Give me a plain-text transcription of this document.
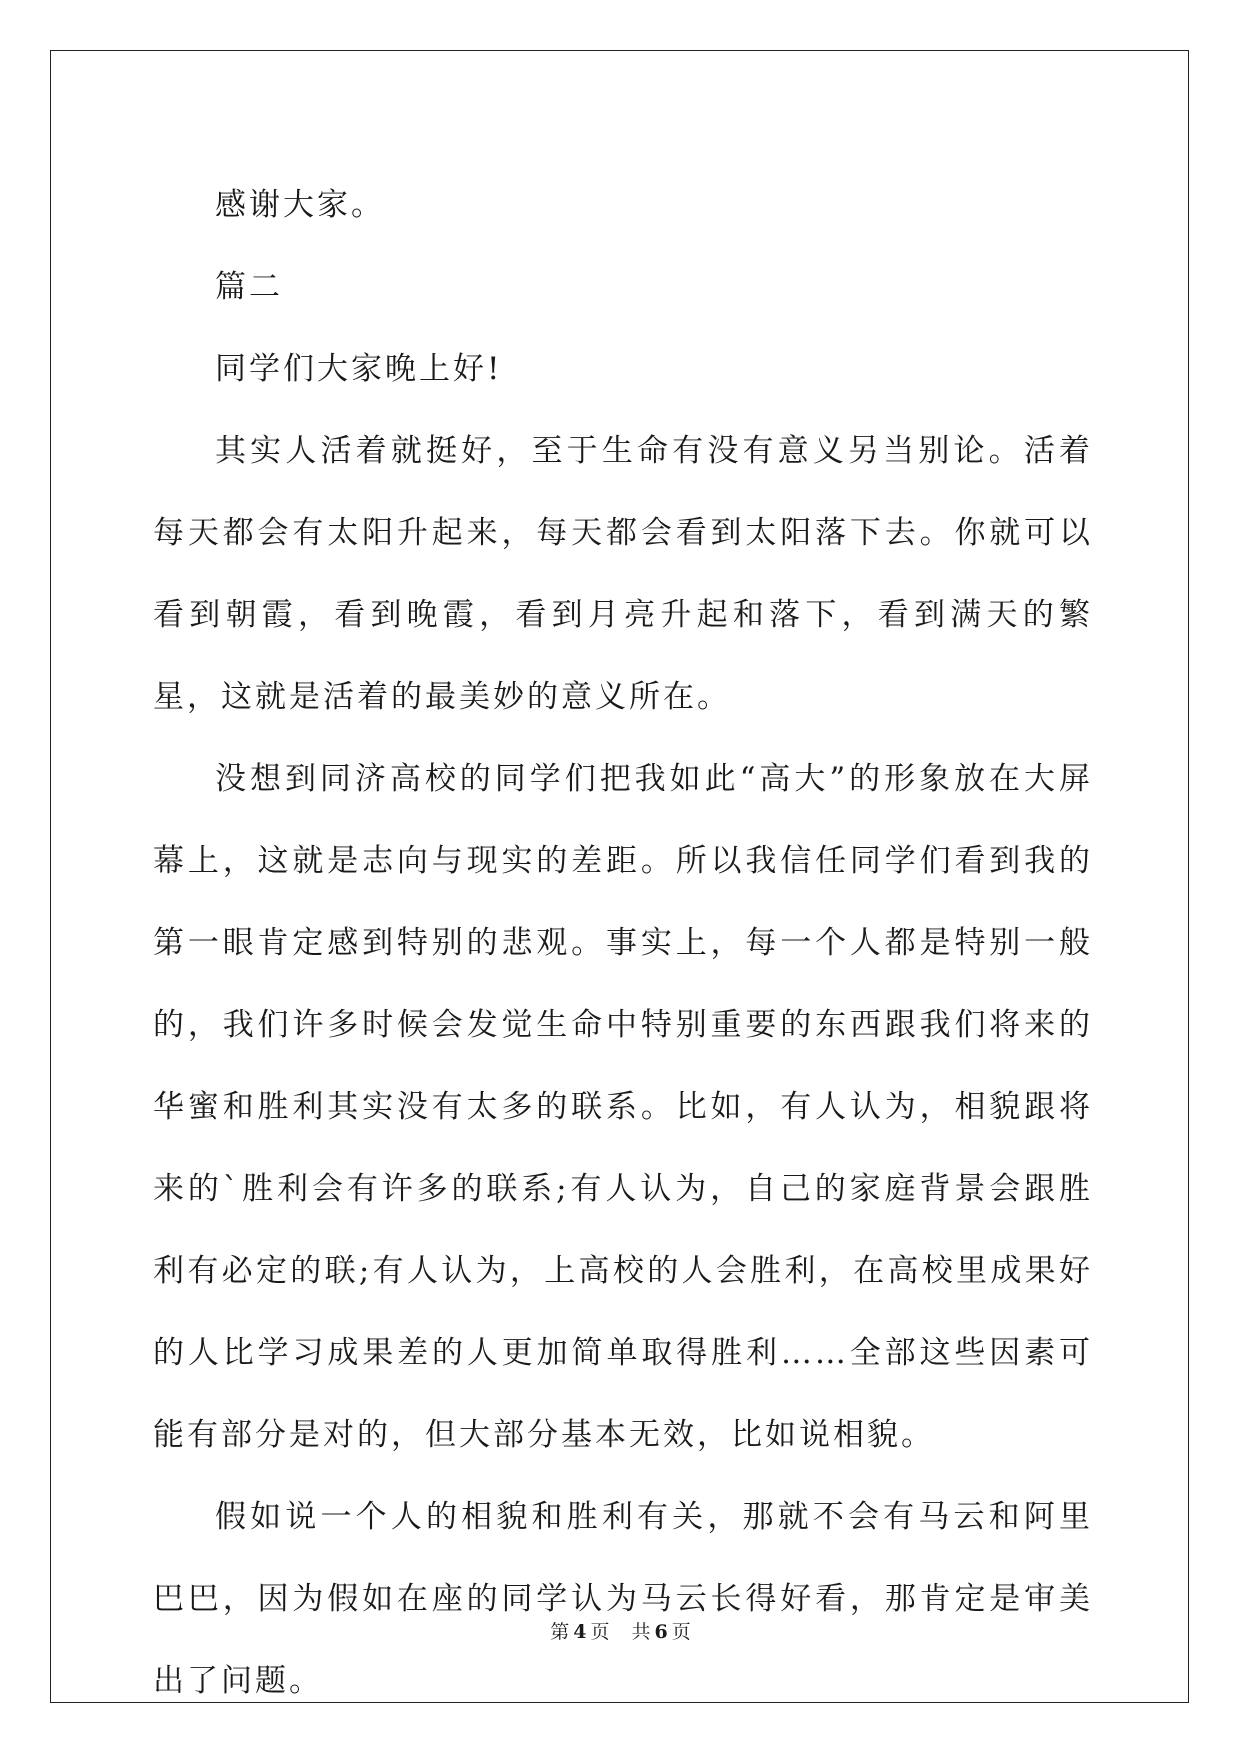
感谢大家。

篇二

同学们大家晚上好!

其实人活着就挺好，至于生命有没有意义另当别论。活着每天都会有太阳升起来，每天都会看到太阳落下去。你就可以看到朝霞，看到晚霞，看到月亮升起和落下，看到满天的繁星，这就是活着的最美妙的意义所在。

没想到同济高校的同学们把我如此“高大”的形象放在大屏幕上，这就是志向与现实的差距。所以我信任同学们看到我的第一眼肯定感到特别的悲观。事实上，每一个人都是特别一般的，我们许多时候会发觉生命中特别重要的东西跟我们将来的华蜜和胜利其实没有太多的联系。比如，有人认为，相貌跟将来的`胜利会有许多的联系;有人认为，自己的家庭背景会跟胜利有必定的联;有人认为，上高校的人会胜利，在高校里成果好的人比学习成果差的人更加简单取得胜利……全部这些因素可能有部分是对的，但大部分基本无效，比如说相貌。

假如说一个人的相貌和胜利有关，那就不会有马云和阿里巴巴，因为假如在座的同学认为马云长得好看，那肯定是审美出了问题。

第 4 页 共 6 页
